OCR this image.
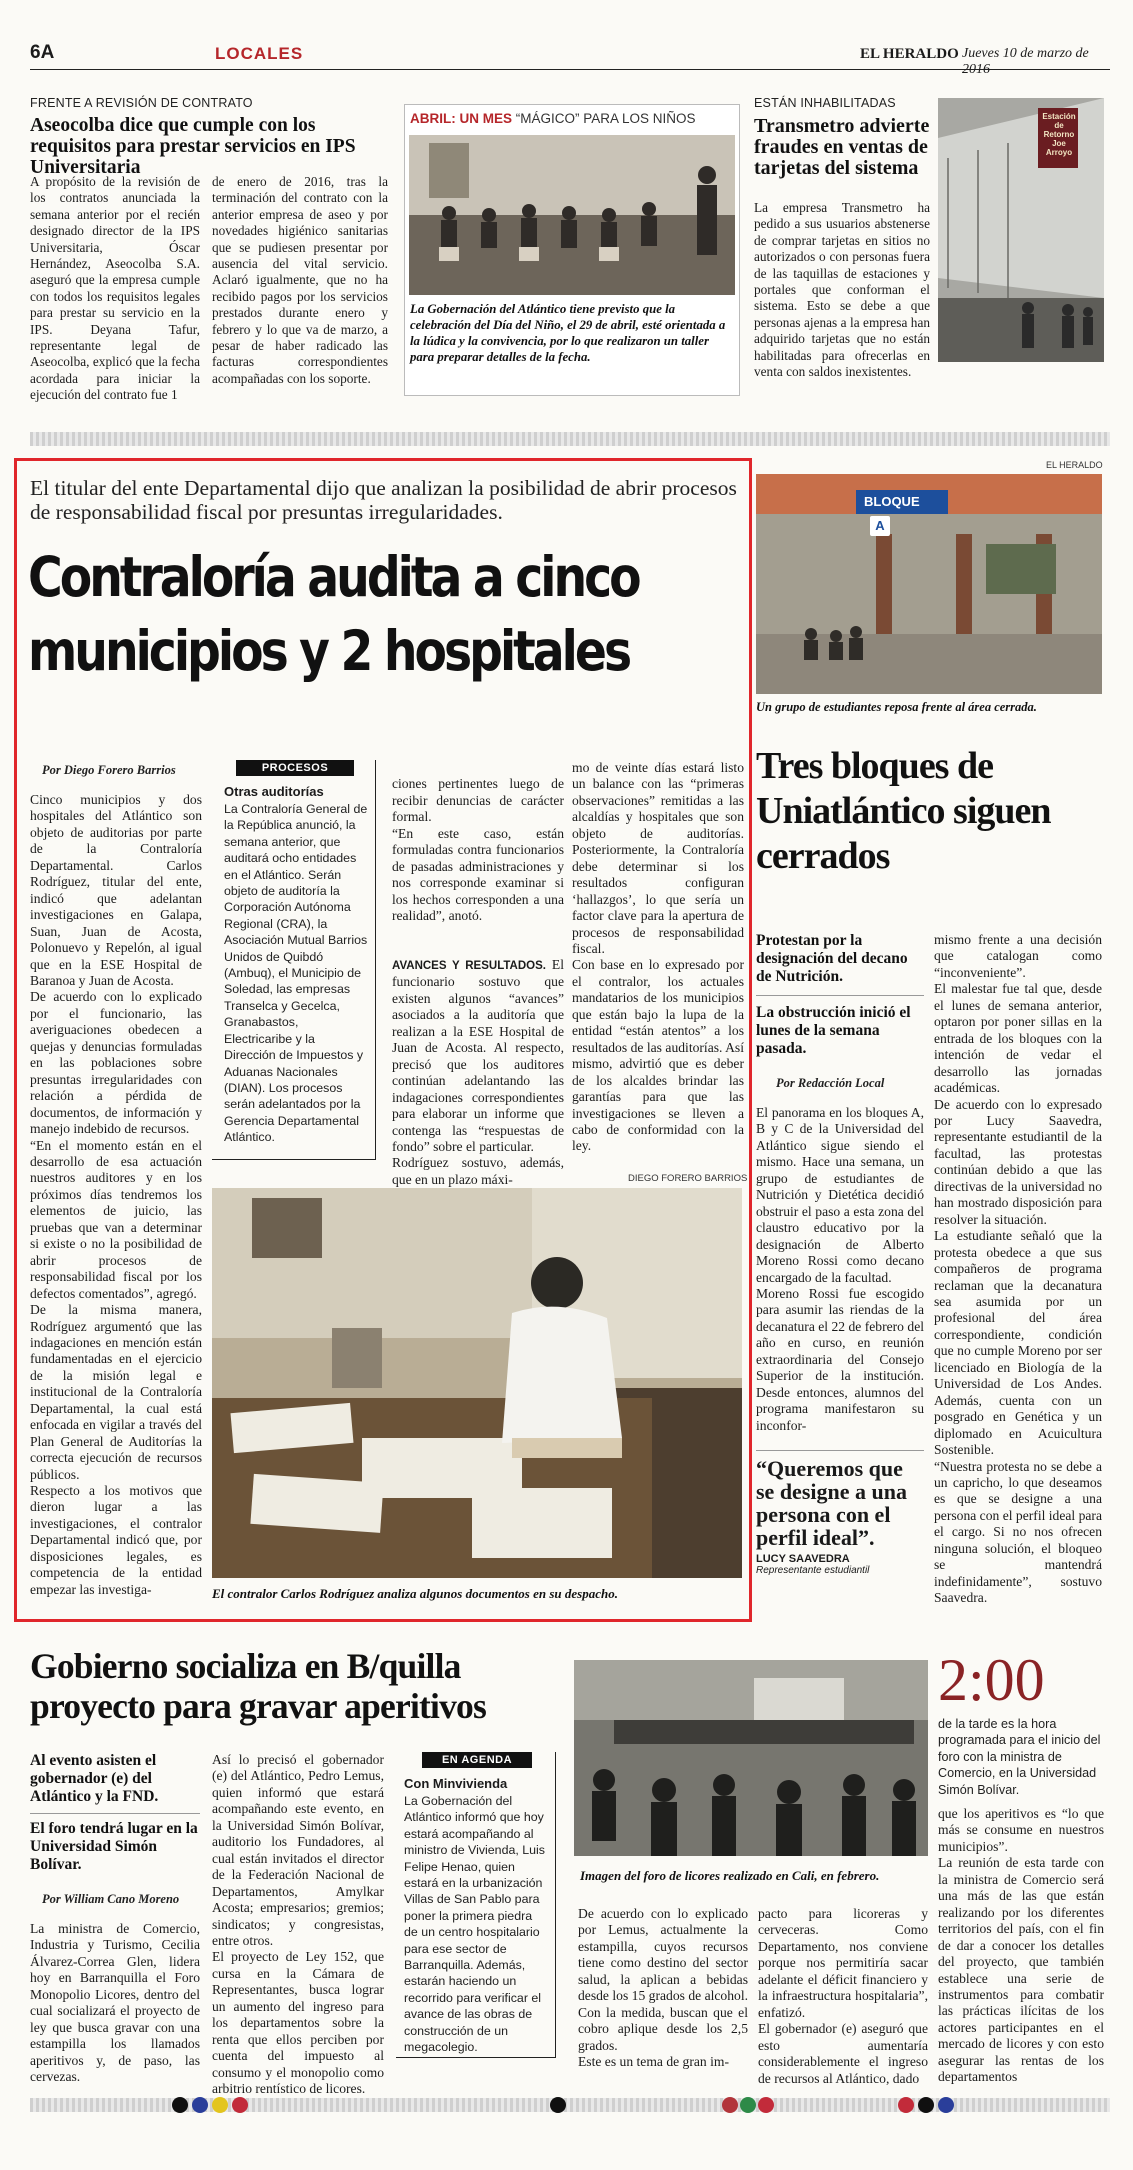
6A	LOCALES	EL HERALDO Jueves 10 de marzo de 2016
FRENTE A REVISIÓN DE CONTRATO
Aseocolba dice que cumple con los requisitos para prestar servicios en IPS Universitaria
A propósito de la revisión de los contratos anunciada la semana anterior por el recién designado director de la IPS Universitaria, Óscar Hernández, Aseocolba S.A. aseguró que la empresa cumple con todos los requisitos legales para prestar su servicio en la IPS. Deyana Tafur, representante legal de Aseocolba, explicó que la fecha acordada para iniciar la ejecución del contrato fue 1
de enero de 2016, tras la terminación del contrato con la anterior empresa de aseo y por novedades higiénico sanitarias que se pudiesen presentar por ausencia del vital servicio. Aclaró igualmente, que no ha recibido pagos por los servicios prestados durante enero y febrero y lo que va de marzo, a pesar de haber radicado las facturas correspondientes acompañadas con los soporte.
ABRIL: UN MES “MÁGICO” PARA LOS NIÑOS
La Gobernación del Atlántico tiene previsto que la celebración del Día del Niño, el 29 de abril, esté orientada a la lúdica y la convivencia, por lo que realizaron un taller para preparar detalles de la fecha.
ESTÁN INHABILITADAS
Transmetro advierte fraudes en ventas de tarjetas del sistema
La empresa Transmetro ha pedido a sus usuarios abstenerse de comprar tarjetas en sitios no autorizados o con personas fuera de las taquillas de estaciones y portales que conforman el sistema. Esto se debe a que personas ajenas a la empresa han adquirido tarjetas que no están habilitadas para ofrecerlas en venta con saldos inexistentes.
Estación de Retorno Joe Arroyo
El titular del ente Departamental dijo que analizan la posibilidad de abrir procesos de responsabilidad fiscal por presuntas irregularidades.
Contraloría audita a cinco municipios y 2 hospitales
Por Diego Forero Barrios
Cinco municipios y dos hospitales del Atlántico son objeto de auditorias por parte de la Contraloría Departamental. Carlos Rodríguez, titular del ente, indicó que adelantan investigaciones en Galapa, Suan, Juan de Acosta, Polonuevo y Repelón, al igual que en la ESE Hospital de Baranoa y Juan de Acosta.
De acuerdo con lo explicado por el funcionario, las averiguaciones obedecen a quejas y denuncias formuladas en las poblaciones sobre presuntas irregularidades con relación a pérdida de documentos, de información y manejo indebido de recursos.
“En el momento están en el desarrollo de esa actuación nuestros auditores y en los próximos días tendremos los elementos de juicio, las pruebas que van a determinar si existe o no la posibilidad de abrir procesos de responsabilidad fiscal por los defectos comentados”, agregó.
De la misma manera, Rodríguez argumentó que las indagaciones en mención están fundamentadas en el ejercicio de la misión legal e institucional de la Contraloría Departamental, la cual está enfocada en vigilar a través del Plan General de Auditorías la correcta ejecución de recursos públicos.
Respecto a los motivos que dieron lugar a las investigaciones, el contralor Departamental indicó que, por disposiciones legales, es competencia de la entidad empezar las investiga-
PROCESOS
Otras auditorías
La Contraloría General de la República anunció, la semana anterior, que auditará ocho entidades en el Atlántico. Serán objeto de auditoría la Corporación Autónoma Regional (CRA), la Asociación Mutual Barrios Unidos de Quibdó (Ambuq), el Municipio de Soledad, las empresas Transelca y Gecelca, Granabastos, Electricaribe y la Dirección de Impuestos y Aduanas Nacionales (DIAN). Los procesos serán adelantados por la Gerencia Departamental Atlántico.

ciones pertinentes luego de recibir denuncias de carácter formal.
“En este caso, están formuladas contra funcionarios de pasadas administraciones y nos corresponde examinar si los hechos corresponden a una realidad”, anotó.

AVANCES Y RESULTADOS. El funcionario sostuvo que existen algunos “avances” asociados a la auditoría que realizan a la ESE Hospital de Juan de Acosta. Al respecto, precisó que los auditores continúan adelantando las indagaciones correspondientes para elaborar un informe que contenga las “respuestas de fondo” sobre el particular.
Rodríguez sostuvo, además, que en un plazo máxi-

mo de veinte días estará listo un balance con las “primeras observaciones” remitidas a las alcaldías y hospitales que son objeto de auditorías. Posteriormente, la Contraloría debe determinar si los resultados configuran ‘hallazgos’, lo que sería un factor clave para la apertura de procesos de responsabilidad fiscal.
Con base en lo expresado por el contralor, los actuales mandatarios de los municipios que están bajo la lupa de la entidad “están atentos” a los resultados de las auditorías. Así mismo, advirtió que es deber de los alcaldes brindar las garantías para que las investigaciones se lleven a cabo de conformidad con la ley.
DIEGO FORERO BARRIOS
El contralor Carlos Rodríguez analiza algunos documentos en su despacho.
EL HERALDO
BLOQUE A
Un grupo de estudiantes reposa frente al área cerrada.
Tres bloques de Uniatlántico siguen cerrados
Protestan por la designación del decano de Nutrición.
La obstrucción inició el lunes de la semana pasada.
Por Redacción Local
El panorama en los bloques A, B y C de la Universidad del Atlántico sigue siendo el mismo. Hace una semana, un grupo de estudiantes de Nutrición y Dietética decidió obstruir el paso a esta zona del claustro educativo por la designación de Alberto Moreno Rossi como decano encargado de la facultad.
Moreno Rossi fue escogido para asumir las riendas de la decanatura el 22 de febrero del año en curso, en reunión extraordinaria del Consejo Superior de la institución. Desde entonces, alumnos del programa manifestaron su inconfor-
“Queremos que se designe a una persona con el perfil ideal”.
LUCY SAAVEDRA
Representante estudiantil
mismo frente a una decisión que catalogan como “inconveniente”.
El malestar fue tal que, desde el lunes de semana anterior, optaron por poner sillas en la entrada de los bloques con la intención de vedar el desarrollo las jornadas académicas.
De acuerdo con lo expresado por Lucy Saavedra, representante estudiantil de la facultad, las protestas continúan debido a que las directivas de la universidad no han mostrado disposición para resolver la situación.
La estudiante señaló que la protesta obedece a que sus compañeros de programa reclaman que la decanatura sea asumida por un profesional del área correspondiente, condición que no cumple Moreno por ser licenciado en Biología de la Universidad de Los Andes. Además, cuenta con un posgrado en Genética y un diplomado en Acuicultura Sostenible.
“Nuestra protesta no se debe a un capricho, lo que deseamos es que se designe a una persona con el perfil ideal para el cargo. Si no nos ofrecen ninguna solución, el bloqueo se mantendrá indefinidamente”, sostuvo Saavedra.
Gobierno socializa en B/quilla proyecto para gravar aperitivos
Al evento asisten el gobernador (e) del Atlántico y la FND.
El foro tendrá lugar en la Universidad Simón Bolívar.
Por William Cano Moreno
La ministra de Comercio, Industria y Turismo, Cecilia Álvarez-Correa Glen, lidera hoy en Barranquilla el Foro Monopolio Licores, dentro del cual socializará el proyecto de ley que busca gravar con una estampilla los llamados aperitivos y, de paso, las cervezas.
Así lo precisó el gobernador (e) del Atlántico, Pedro Lemus, quien informó que estará acompañando este evento, en la Universidad Simón Bolívar, auditorio los Fundadores, al cual están invitados el director de la Federación Nacional de Departamentos, Amylkar Acosta; empresarios; gremios; sindicatos; y congresistas, entre otros.
El proyecto de Ley 152, que cursa en la Cámara de Representantes, busca lograr un aumento del ingreso para los departamentos sobre la renta que ellos perciben por cuenta del impuesto al consumo y el monopolio como arbitrio rentístico de licores.
EN AGENDA
Con Minvivienda
La Gobernación del Atlántico informó que hoy estará acompañando al ministro de Vivienda, Luis Felipe Henao, quien estará en la urbanización Villas de San Pablo para poner la primera piedra de un centro hospitalario para ese sector de Barranquilla. Además, estarán haciendo un recorrido para verificar el avance de las obras de construcción de un megacolegio.
Imagen del foro de licores realizado en Cali, en febrero.
De acuerdo con lo explicado por Lemus, actualmente la estampilla, cuyos recursos tiene como destino del sector salud, la aplican a bebidas desde los 15 grados de alcohol. Con la medida, buscan que el cobro aplique desde los 2,5 grados.
Este es un tema de gran im-
pacto para licoreras y cerveceras. Como Departamento, nos conviene porque nos permitiría sacar adelante el déficit financiero y la infraestructura hospitalaria”, enfatizó.
El gobernador (e) aseguró que esto aumentaría considerablemente el ingreso de recursos al Atlántico, dado
2:00
de la tarde es la hora programada para el inicio del foro con la ministra de Comercio, en la Universidad Simón Bolívar.
que los aperitivos es “lo que más se consume en nuestros municipios”.
La reunión de esta tarde con la ministra de Comercio será una más de las que están realizando por los diferentes territorios del país, con el fin de dar a conocer los detalles del proyecto, que también establece una serie de instrumentos para combatir las prácticas ilícitas de los actores participantes en el mercado de licores y con esto asegurar las rentas de los departamentos
